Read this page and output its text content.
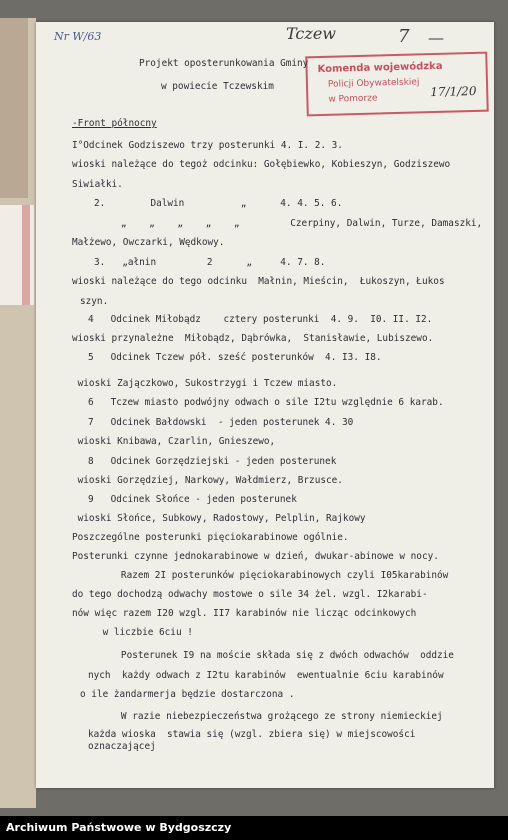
Nr W/63	Tczew	7 —
Komenda wojewódzka
Policji Obywatelskiej
w Pomorze
17/1/20
Projekt oposterunkowania Gminy
w powiecie Tczewskim
-Front północny
I°Odcinek Godziszewo trzy posterunki 4. I. 2. 3.
wioski należące do tegoż odcinku: Gołębiewko, Kobieszyn, Godziszewo
Siwiałki.
2.        Dalwin          „      4. 4. 5. 6.
„    „    „    „    „         Czerpiny, Dalwin, Turze, Damaszki,
Małżewo, Owczarki, Wędkowy.
3.   „ałnin         2      „     4. 7. 8.
wioski należące do tego odcinku  Małnin, Mieścin,  Łukoszyn, Łukos
szyn.
4   Odcinek Miłobądz    cztery posterunki  4. 9.  I0. II. I2.
wioski przynależne  Miłobądz, Dąbrówka,  Stanisławie, Lubiszewo.
5   Odcinek Tczew pół. sześć posterunków  4. I3. I8.
wioski Zajączkowo, Sukostrzygi i Tczew miasto.
6   Tczew miasto podwójny odwach o sile I2tu względnie 6 karab.
7   Odcinek Bałdowski  - jeden posterunek 4. 30
wioski Knibawa, Czarlin, Gnieszewo,
8   Odcinek Gorzędziejski - jeden posterunek
wioski Gorzędziej, Narkowy, Wałdmierz, Brzusce.
9   Odcinek Słońce - jeden posterunek
wioski Słońce, Subkowy, Radostowy, Pelplin, Rajkowy
Poszczególne posterunki pięciokarabinowe ogólnie.
Posterunki czynne jednokarabinowe w dzień, dwukar-abinowe w nocy.
Razem 2I posterunków pięciokarabinowych czyli I05karabinów
do tego dochodzą odwachy mostowe o sile 34 żel. wzgl. I2karabi-
nów więc razem I20 wzgl. II7 karabinów nie licząc odcinkowych
w liczbie 6ciu !
Posterunek I9 na moście składa się z dwóch odwachów  oddzie
nych  każdy odwach z I2tu karabinów  ewentualnie 6ciu karabinów
o ile żandarmerja będzie dostarczona .
W razie niebezpieczeństwa grożącego ze strony niemieckiej
każda wioska  stawia się (wzgl. zbiera się) w miejscowości
oznaczającej
Archiwum Państwowe w Bydgoszczy
